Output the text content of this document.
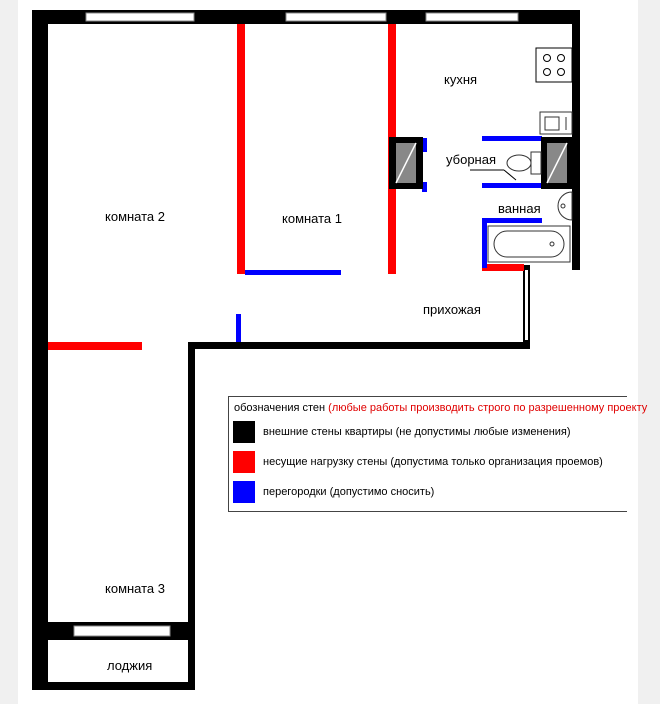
комната 2	комната 1
кухня
уборная
ванная
прихожая
комната 3
лоджия
обозначения стен (любые работы производить строго по разрешенному проекту
внешние стены квартиры (не допустимы любые изменения)
несущие нагрузку стены (допустима только организация проемов)
перегородки (допустимо сносить)
